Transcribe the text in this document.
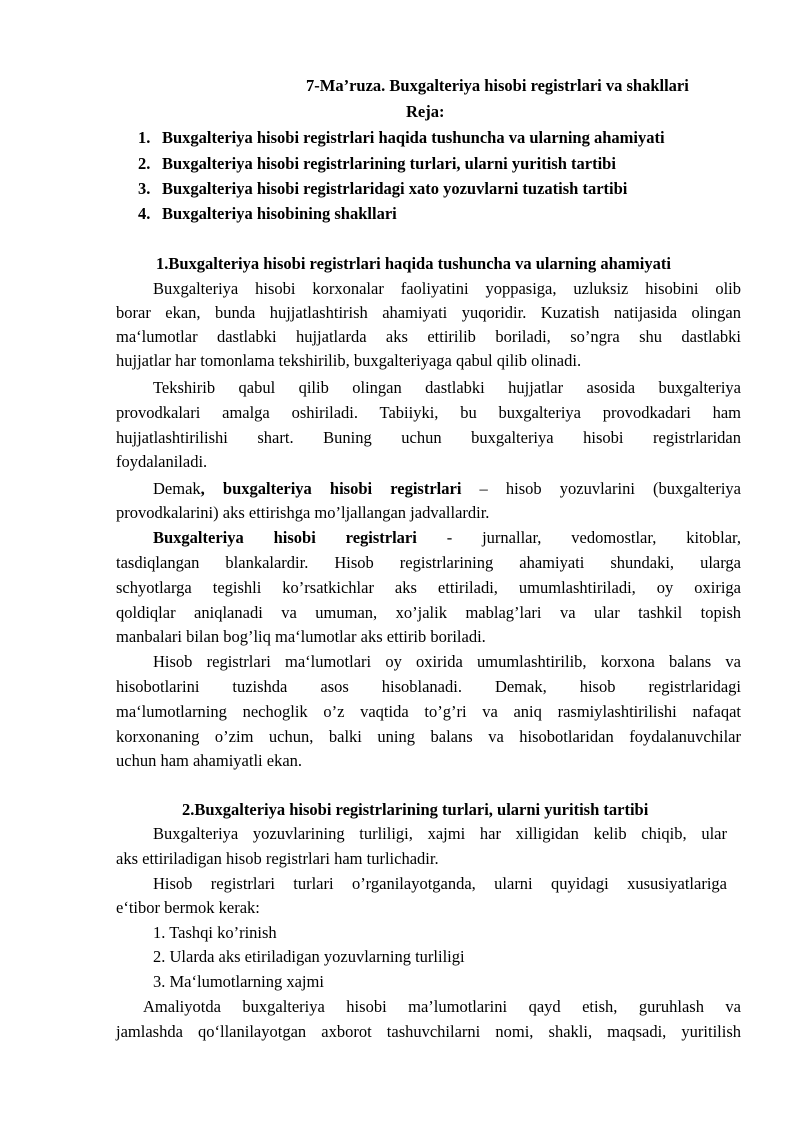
7-Ma’ruza. Buxgalteriya hisobi registrlari va shakllari
Reja:
1. Buxgalteriya hisobi registrlari haqida tushuncha va ularning ahamiyati
2. Buxgalteriya hisobi registrlarining turlari, ularni yuritish tartibi
3. Buxgalteriya hisobi registrlaridagi xato yozuvlarni tuzatish tartibi
4. Buxgalteriya hisobining shakllari
1.Buxgalteriya hisobi registrlari haqida tushuncha va ularning ahamiyati
Buxgalteriya hisobi korxonalar faoliyatini yoppasiga, uzluksiz hisobini olib
borar ekan, bunda hujjatlashtirish ahamiyati yuqoridir. Kuzatish natijasida olingan
maʻlumotlar dastlabki hujjatlarda aks ettirilib boriladi, so’ngra shu dastlabki
hujjatlar har tomonlama tekshirilib, buxgalteriyaga qabul qilib olinadi.
Tekshirib qabul qilib olingan dastlabki hujjatlar asosida buxgalteriya
provodkalari amalga oshiriladi. Tabiiyki, bu buxgalteriya provodkadari ham
hujjatlashtirilishi shart. Buning uchun buxgalteriya hisobi registrlaridan
foydalaniladi.
Demak, buxgalteriya hisobi registrlari – hisob yozuvlarini (buxgalteriya
provodkalarini) aks ettirishga mo’ljallangan jadvallardir.
Buxgalteriya hisobi registrlari - jurnallar, vedomostlar, kitoblar,
tasdiqlangan blankalardir. Hisob registrlarining ahamiyati shundaki, ularga
schyotlarga tegishli ko’rsatkichlar aks ettiriladi, umumlashtiriladi, oy oxiriga
qoldiqlar aniqlanadi va umuman, xo’jalik mablag’lari va ular tashkil topish
manbalari bilan bog’liq maʻlumotlar aks ettirib boriladi.
Hisob registrlari maʻlumotlari oy oxirida umumlashtirilib, korxona balans va
hisobotlarini tuzishda asos hisoblanadi. Demak, hisob registrlaridagi
maʻlumotlarning nechoglik o’z vaqtida to’g’ri va aniq rasmiylashtirilishi nafaqat
korxonaning o’zim uchun, balki uning balans va hisobotlaridan foydalanuvchilar
uchun ham ahamiyatli ekan.
2.Buxgalteriya hisobi registrlarining turlari, ularni yuritish tartibi
Buxgalteriya yozuvlarining turliligi, xajmi har xilligidan kelib chiqib, ular
aks ettiriladigan hisob registrlari ham turlichadir.
Hisob registrlari turlari o’rganilayotganda, ularni quyidagi xususiyatlariga
eʻtibor bermok kerak:
1. Tashqi ko’rinish
2. Ularda aks etiriladigan yozuvlarning turliligi
3. Maʻlumotlarning xajmi
Amaliyotda buxgalteriya hisobi ma’lumotlarini qayd etish, guruhlash va
jamlashda qoʻllanilayotgan axborot tashuvchilarni nomi, shakli, maqsadi, yuritilish
